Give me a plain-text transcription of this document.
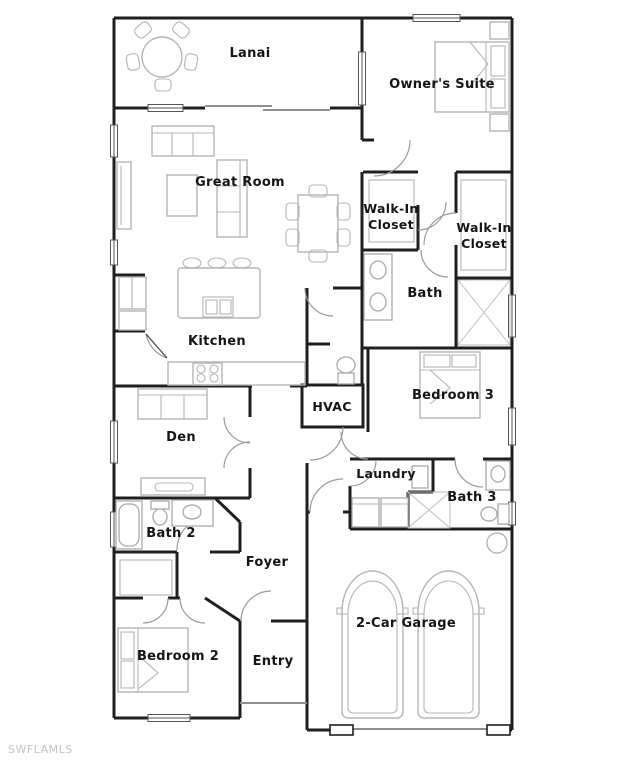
Lanai
Owner's Suite
Great Room
Walk-In
Closet	Walk-In
Closet
Bath
Kitchen
Bedroom 3
HVAC
Laundry
Bath 3
Den
Bath 2
Foyer
Bedroom 2	Entry
2-Car Garage
SWFLAMLS
